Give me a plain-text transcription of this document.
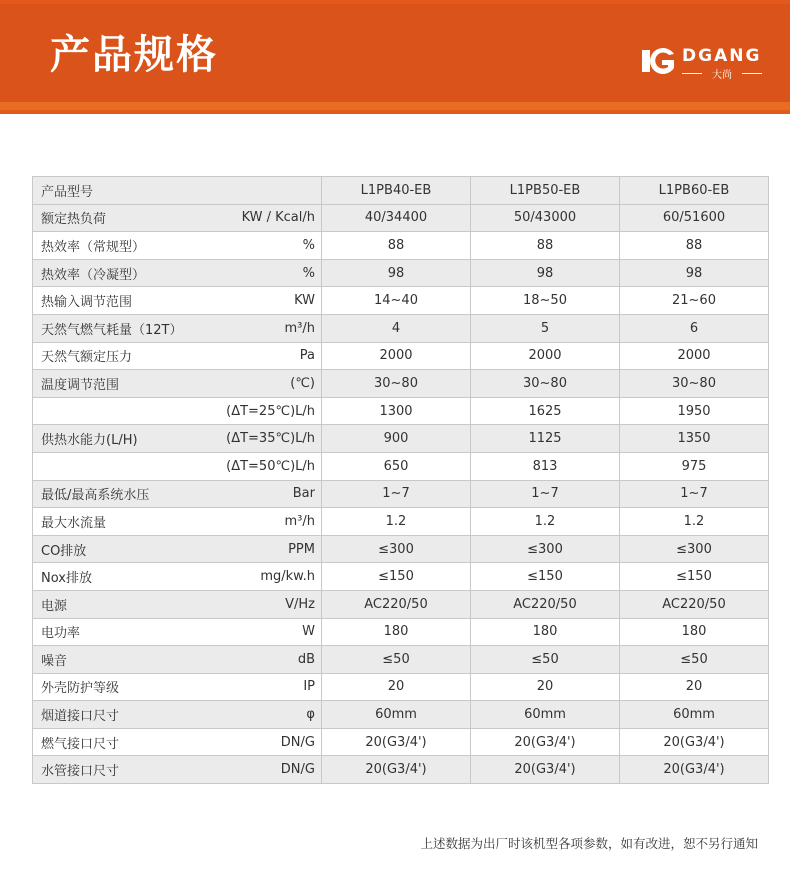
产品规格	DGANG
大尚
产品型号		L1PB40-EB	L1PB50-EB	L1PB60-EB
额定热负荷	KW / Kcal/h	40/34400	50/43000	60/51600
热效率（常规型）	%	88	88	88
热效率（冷凝型）	%	98	98	98
热输入调节范围	KW	14~40	18~50	21~60
天然气燃气耗量（12T）	m³/h	4	5	6
天然气额定压力	Pa	2000	2000	2000
温度调节范围	(℃)	30~80	30~80	30~80
	(ΔT=25℃)L/h	1300	1625	1950
供热水能力(L/H)	(ΔT=35℃)L/h	900	1125	1350
	(ΔT=50℃)L/h	650	813	975
最低/最高系统水压	Bar	1~7	1~7	1~7
最大水流量	m³/h	1.2	1.2	1.2
CO排放	PPM	≤300	≤300	≤300
Nox排放	mg/kw.h	≤150	≤150	≤150
电源	V/Hz	AC220/50	AC220/50	AC220/50
电功率	W	180	180	180
噪音	dB	≤50	≤50	≤50
外壳防护等级	IP	20	20	20
烟道接口尺寸	φ	60mm	60mm	60mm
燃气接口尺寸	DN/G	20(G3/4')	20(G3/4')	20(G3/4')
水管接口尺寸	DN/G	20(G3/4')	20(G3/4')	20(G3/4')
上述数据为出厂时该机型各项参数，如有改进，恕不另行通知
